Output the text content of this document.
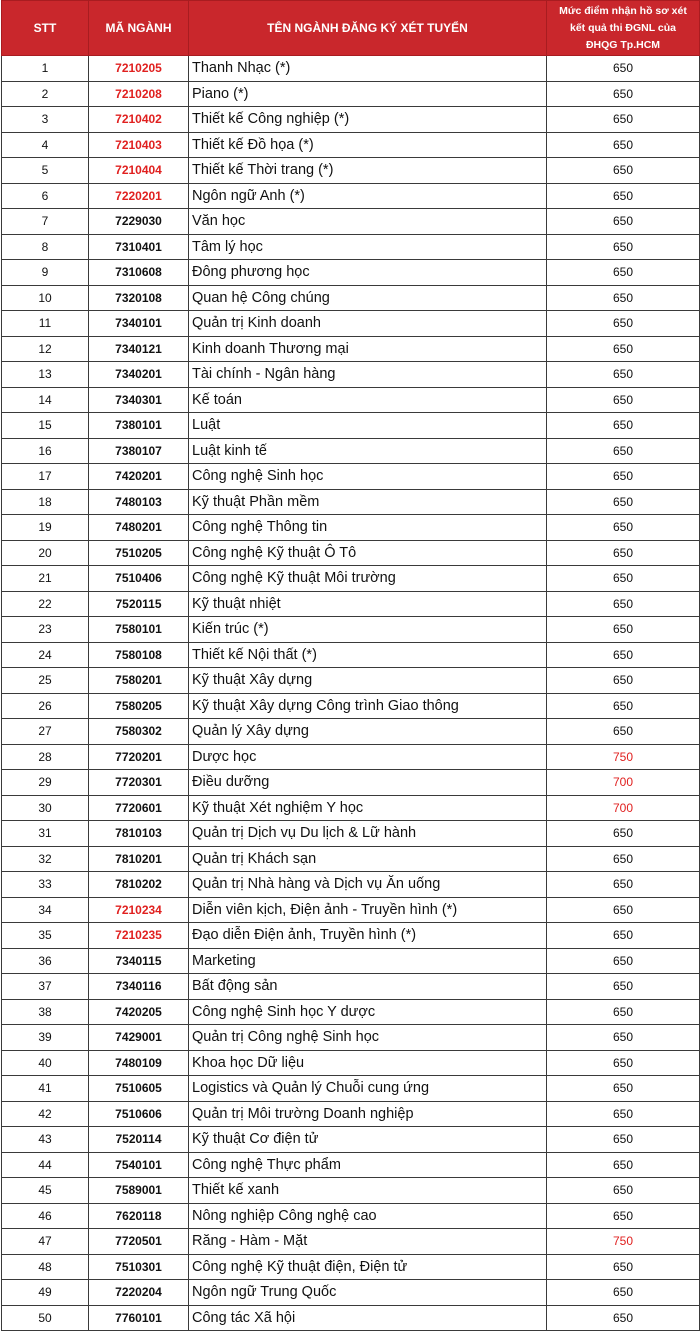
STT	MÃ NGÀNH	TÊN NGÀNH ĐĂNG KÝ XÉT TUYỂN	Mức điểm nhận hồ sơ xét
kết quả thi ĐGNL của
ĐHQG Tp.HCM

1	7210205	Thanh Nhạc (*)	650
2	7210208	Piano (*)	650
3	7210402	Thiết kế Công nghiệp (*)	650
4	7210403	Thiết kế Đồ họa (*)	650
5	7210404	Thiết kế Thời trang (*)	650
6	7220201	Ngôn ngữ Anh (*)	650
7	7229030	Văn học	650
8	7310401	Tâm lý học	650
9	7310608	Đông phương học	650
10	7320108	Quan hệ Công chúng	650
11	7340101	Quản trị Kinh doanh	650
12	7340121	Kinh doanh Thương mại	650
13	7340201	Tài chính - Ngân hàng	650
14	7340301	Kế toán	650
15	7380101	Luật	650
16	7380107	Luật kinh tế	650
17	7420201	Công nghệ Sinh học	650
18	7480103	Kỹ thuật Phần mềm	650
19	7480201	Công nghệ Thông tin	650
20	7510205	Công nghệ Kỹ thuật Ô Tô	650
21	7510406	Công nghệ Kỹ thuật Môi trường	650
22	7520115	Kỹ thuật nhiệt	650
23	7580101	Kiến trúc (*)	650
24	7580108	Thiết kế Nội thất (*)	650
25	7580201	Kỹ thuật Xây dựng	650
26	7580205	Kỹ thuật Xây dựng Công trình Giao thông	650
27	7580302	Quản lý Xây dựng	650
28	7720201	Dược học	750
29	7720301	Điều dưỡng	700
30	7720601	Kỹ thuật Xét nghiệm Y học	700
31	7810103	Quản trị Dịch vụ Du lịch & Lữ hành	650
32	7810201	Quản trị Khách sạn	650
33	7810202	Quản trị Nhà hàng và Dịch vụ Ăn uống	650
34	7210234	Diễn viên kịch, Điện ảnh - Truyền hình (*)	650
35	7210235	Đạo diễn Điện ảnh, Truyền hình (*)	650
36	7340115	Marketing	650
37	7340116	Bất động sản	650
38	7420205	Công nghệ Sinh học Y dược	650
39	7429001	Quản trị Công nghệ Sinh học	650
40	7480109	Khoa học Dữ liệu	650
41	7510605	Logistics và Quản lý Chuỗi cung ứng	650
42	7510606	Quản trị Môi trường Doanh nghiệp	650
43	7520114	Kỹ thuật Cơ điện tử	650
44	7540101	Công nghệ Thực phẩm	650
45	7589001	Thiết kế xanh	650
46	7620118	Nông nghiệp Công nghệ cao	650
47	7720501	Răng - Hàm - Mặt	750
48	7510301	Công nghệ Kỹ thuật điện, Điện tử	650
49	7220204	Ngôn ngữ Trung Quốc	650
50	7760101	Công tác Xã hội	650
